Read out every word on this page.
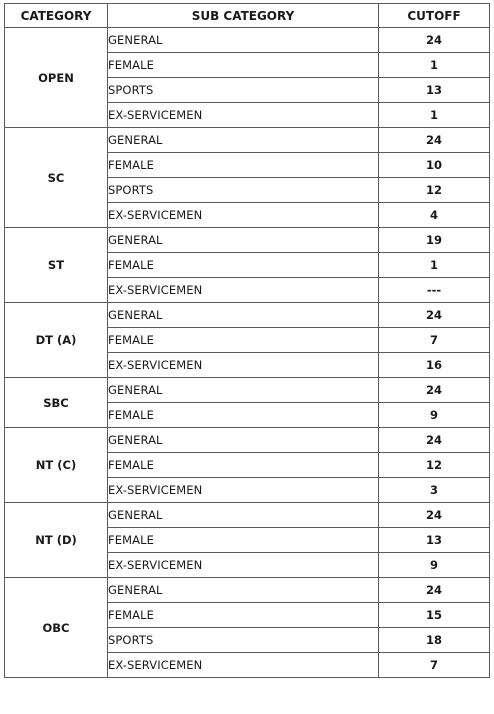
CATEGORY	SUB CATEGORY	CUTOFF
OPEN	GENERAL	24
	FEMALE	1
	SPORTS	13
	EX-SERVICEMEN	1
SC	GENERAL	24
	FEMALE	10
	SPORTS	12
	EX-SERVICEMEN	4
ST	GENERAL	19
	FEMALE	1
	EX-SERVICEMEN	---
DT (A)	GENERAL	24
	FEMALE	7
	EX-SERVICEMEN	16
SBC	GENERAL	24
	FEMALE	9
NT (C)	GENERAL	24
	FEMALE	12
	EX-SERVICEMEN	3
NT (D)	GENERAL	24
	FEMALE	13
	EX-SERVICEMEN	9
OBC	GENERAL	24
	FEMALE	15
	SPORTS	18
	EX-SERVICEMEN	7
